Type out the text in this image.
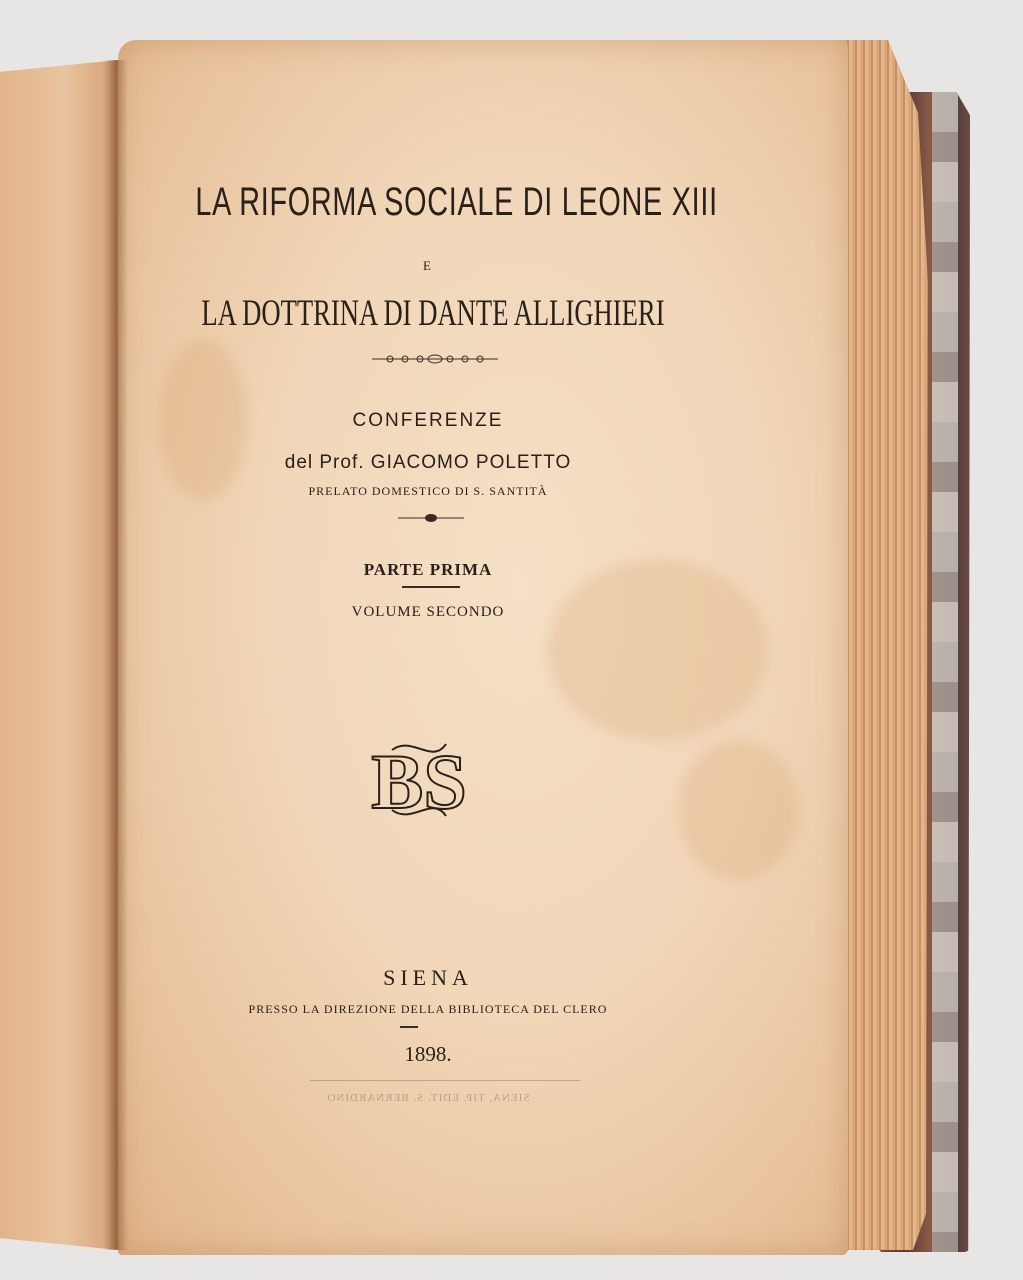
LA RIFORMA SOCIALE DI LEONE XIII
E
LA DOTTRINA DI DANTE ALLIGHIERI
CONFERENZE
del Prof. GIACOMO POLETTO
PRELATO DOMESTICO DI S. SANTITÀ
PARTE PRIMA
VOLUME SECONDO
BS
SIENA
PRESSO LA DIREZIONE DELLA BIBLIOTECA DEL CLERO
1898.
SIENA, TIP. EDIT. S. BERNARDINO
